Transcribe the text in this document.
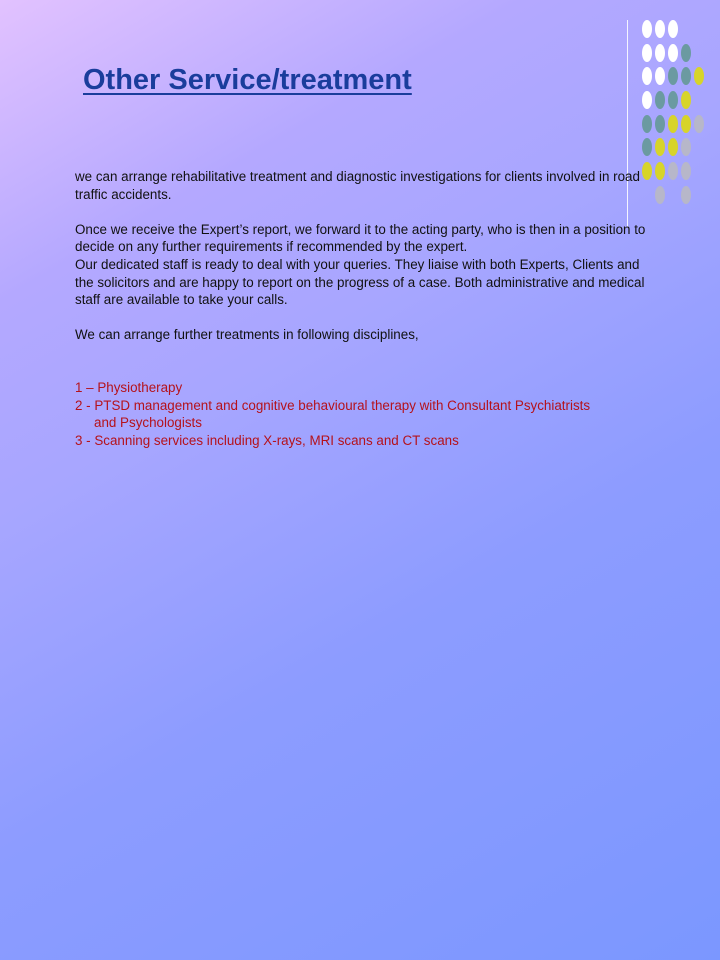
Other Service/treatment

we can arrange rehabilitative treatment and diagnostic investigations for clients involved in road traffic accidents.

Once we receive the Expert’s report, we forward it to the acting party, who is then in a position to decide on any further requirements if recommended by the expert.

Our dedicated staff is ready to deal with your queries. They liaise with both Experts, Clients and the solicitors and are happy to report on the progress of a case. Both administrative and medical staff are available to take your calls.

We can arrange further treatments in following disciplines,

1 – Physiotherapy

2 - PTSD management and cognitive behavioural therapy with Consultant Psychiatrists

and Psychologists

3 - Scanning services including X-rays, MRI scans and CT scans
